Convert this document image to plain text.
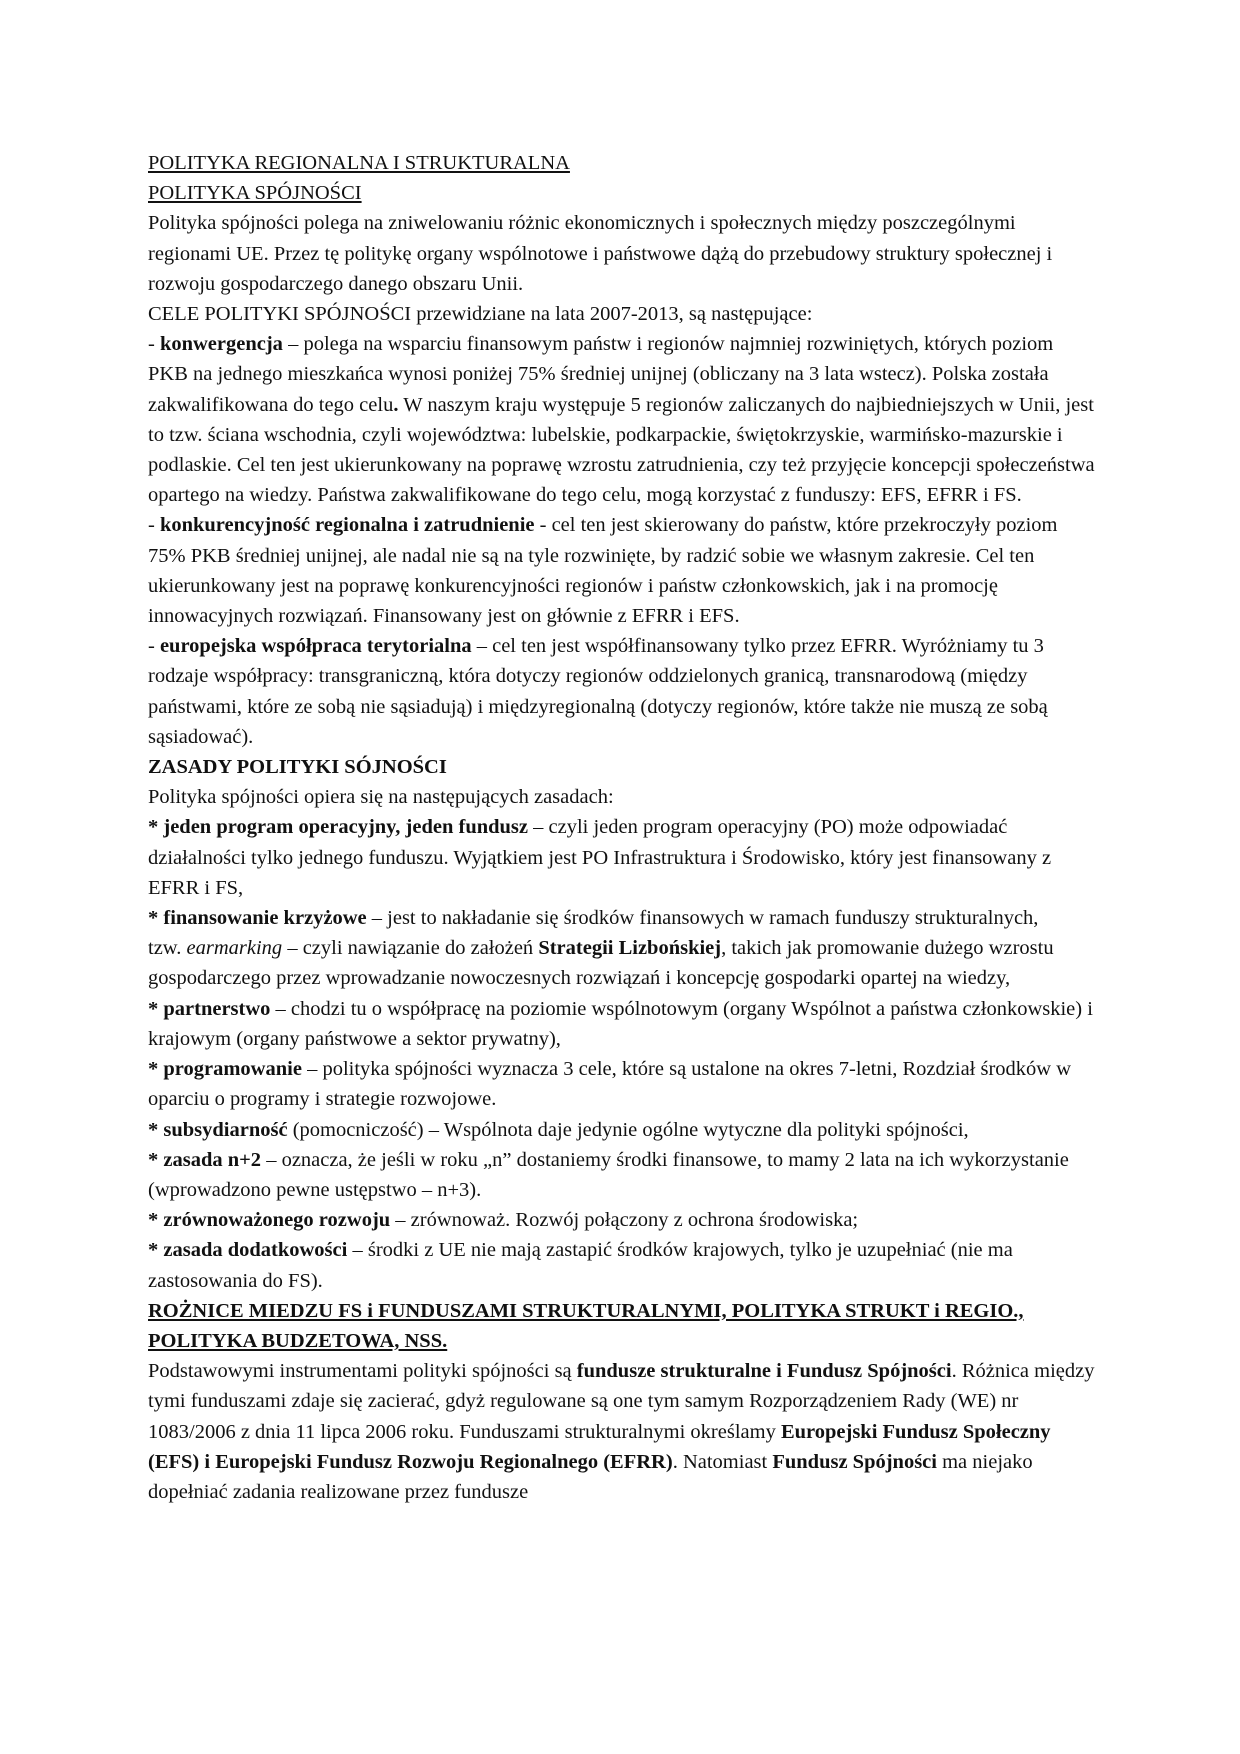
POLITYKA REGIONALNA I STRUKTURALNA

POLITYKA SPÓJNOŚCI

Polityka spójności polega na zniwelowaniu różnic ekonomicznych i społecznych między poszczególnymi regionami UE. Przez tę politykę organy wspólnotowe i państwowe dążą do przebudowy struktury społecznej i rozwoju gospodarczego danego obszaru Unii.

CELE POLITYKI SPÓJNOŚCI przewidziane na lata 2007-2013, są następujące:

- konwergencja – polega na wsparciu finansowym państw i regionów najmniej rozwiniętych, których poziom PKB na jednego mieszkańca wynosi poniżej 75% średniej unijnej (obliczany na 3 lata wstecz). Polska została zakwalifikowana do tego celu. W naszym kraju występuje 5 regionów zaliczanych do najbiedniejszych w Unii, jest to tzw. ściana wschodnia, czyli województwa: lubelskie, podkarpackie, świętokrzyskie, warmińsko-mazurskie i podlaskie. Cel ten jest ukierunkowany na poprawę wzrostu zatrudnienia, czy też przyjęcie koncepcji społeczeństwa opartego na wiedzy. Państwa zakwalifikowane do tego celu, mogą korzystać z funduszy: EFS, EFRR i FS.

- konkurencyjność regionalna i zatrudnienie - cel ten jest skierowany do państw, które przekroczyły poziom 75% PKB średniej unijnej, ale nadal nie są na tyle rozwinięte, by radzić sobie we własnym zakresie. Cel ten ukierunkowany jest na poprawę konkurencyjności regionów i państw członkowskich, jak i na promocję innowacyjnych rozwiązań. Finansowany jest on głównie z EFRR i EFS.

- europejska współpraca terytorialna – cel ten jest współfinansowany tylko przez EFRR. Wyróżniamy tu 3 rodzaje współpracy: transgraniczną, która dotyczy regionów oddzielonych granicą, transnarodową (między państwami, które ze sobą nie sąsiadują) i międzyregionalną (dotyczy regionów, które także nie muszą ze sobą sąsiadować).

ZASADY POLITYKI SÓJNOŚCI

Polityka spójności opiera się na następujących zasadach:

* jeden program operacyjny, jeden fundusz – czyli jeden program operacyjny (PO) może odpowiadać działalności tylko jednego funduszu. Wyjątkiem jest PO Infrastruktura i Środowisko, który jest finansowany z EFRR i FS,

* finansowanie krzyżowe – jest to nakładanie się środków finansowych w ramach funduszy strukturalnych,

tzw. earmarking – czyli nawiązanie do założeń Strategii Lizbońskiej, takich jak promowanie dużego wzrostu gospodarczego przez wprowadzanie nowoczesnych rozwiązań i koncepcję gospodarki opartej na wiedzy,

* partnerstwo – chodzi tu o współpracę na poziomie wspólnotowym (organy Wspólnot a państwa członkowskie) i krajowym (organy państwowe a sektor prywatny),

* programowanie – polityka spójności wyznacza 3 cele, które są ustalone na okres 7-letni, Rozdział środków w oparciu o programy i strategie rozwojowe.

* subsydiarność (pomocniczość) – Wspólnota daje jedynie ogólne wytyczne dla polityki spójności,

* zasada n+2 – oznacza, że jeśli w roku „n” dostaniemy środki finansowe, to mamy 2 lata na ich wykorzystanie (wprowadzono pewne ustępstwo – n+3).

* zrównoważonego rozwoju – zrównoważ. Rozwój połączony z ochrona środowiska;

* zasada dodatkowości – środki z UE nie mają zastapić środków krajowych, tylko je uzupełniać (nie ma zastosowania do FS).

ROŻNICE MIEDZU FS i FUNDUSZAMI STRUKTURALNYMI, POLITYKA STRUKT i REGIO., POLITYKA BUDZETOWA, NSS.

Podstawowymi instrumentami polityki spójności są fundusze strukturalne i Fundusz Spójności. Różnica między tymi funduszami zdaje się zacierać, gdyż regulowane są one tym samym Rozporządzeniem Rady (WE) nr 1083/2006 z dnia 11 lipca 2006 roku. Funduszami strukturalnymi określamy Europejski Fundusz Społeczny (EFS) i Europejski Fundusz Rozwoju Regionalnego (EFRR). Natomiast Fundusz Spójności ma niejako dopełniać zadania realizowane przez fundusze
